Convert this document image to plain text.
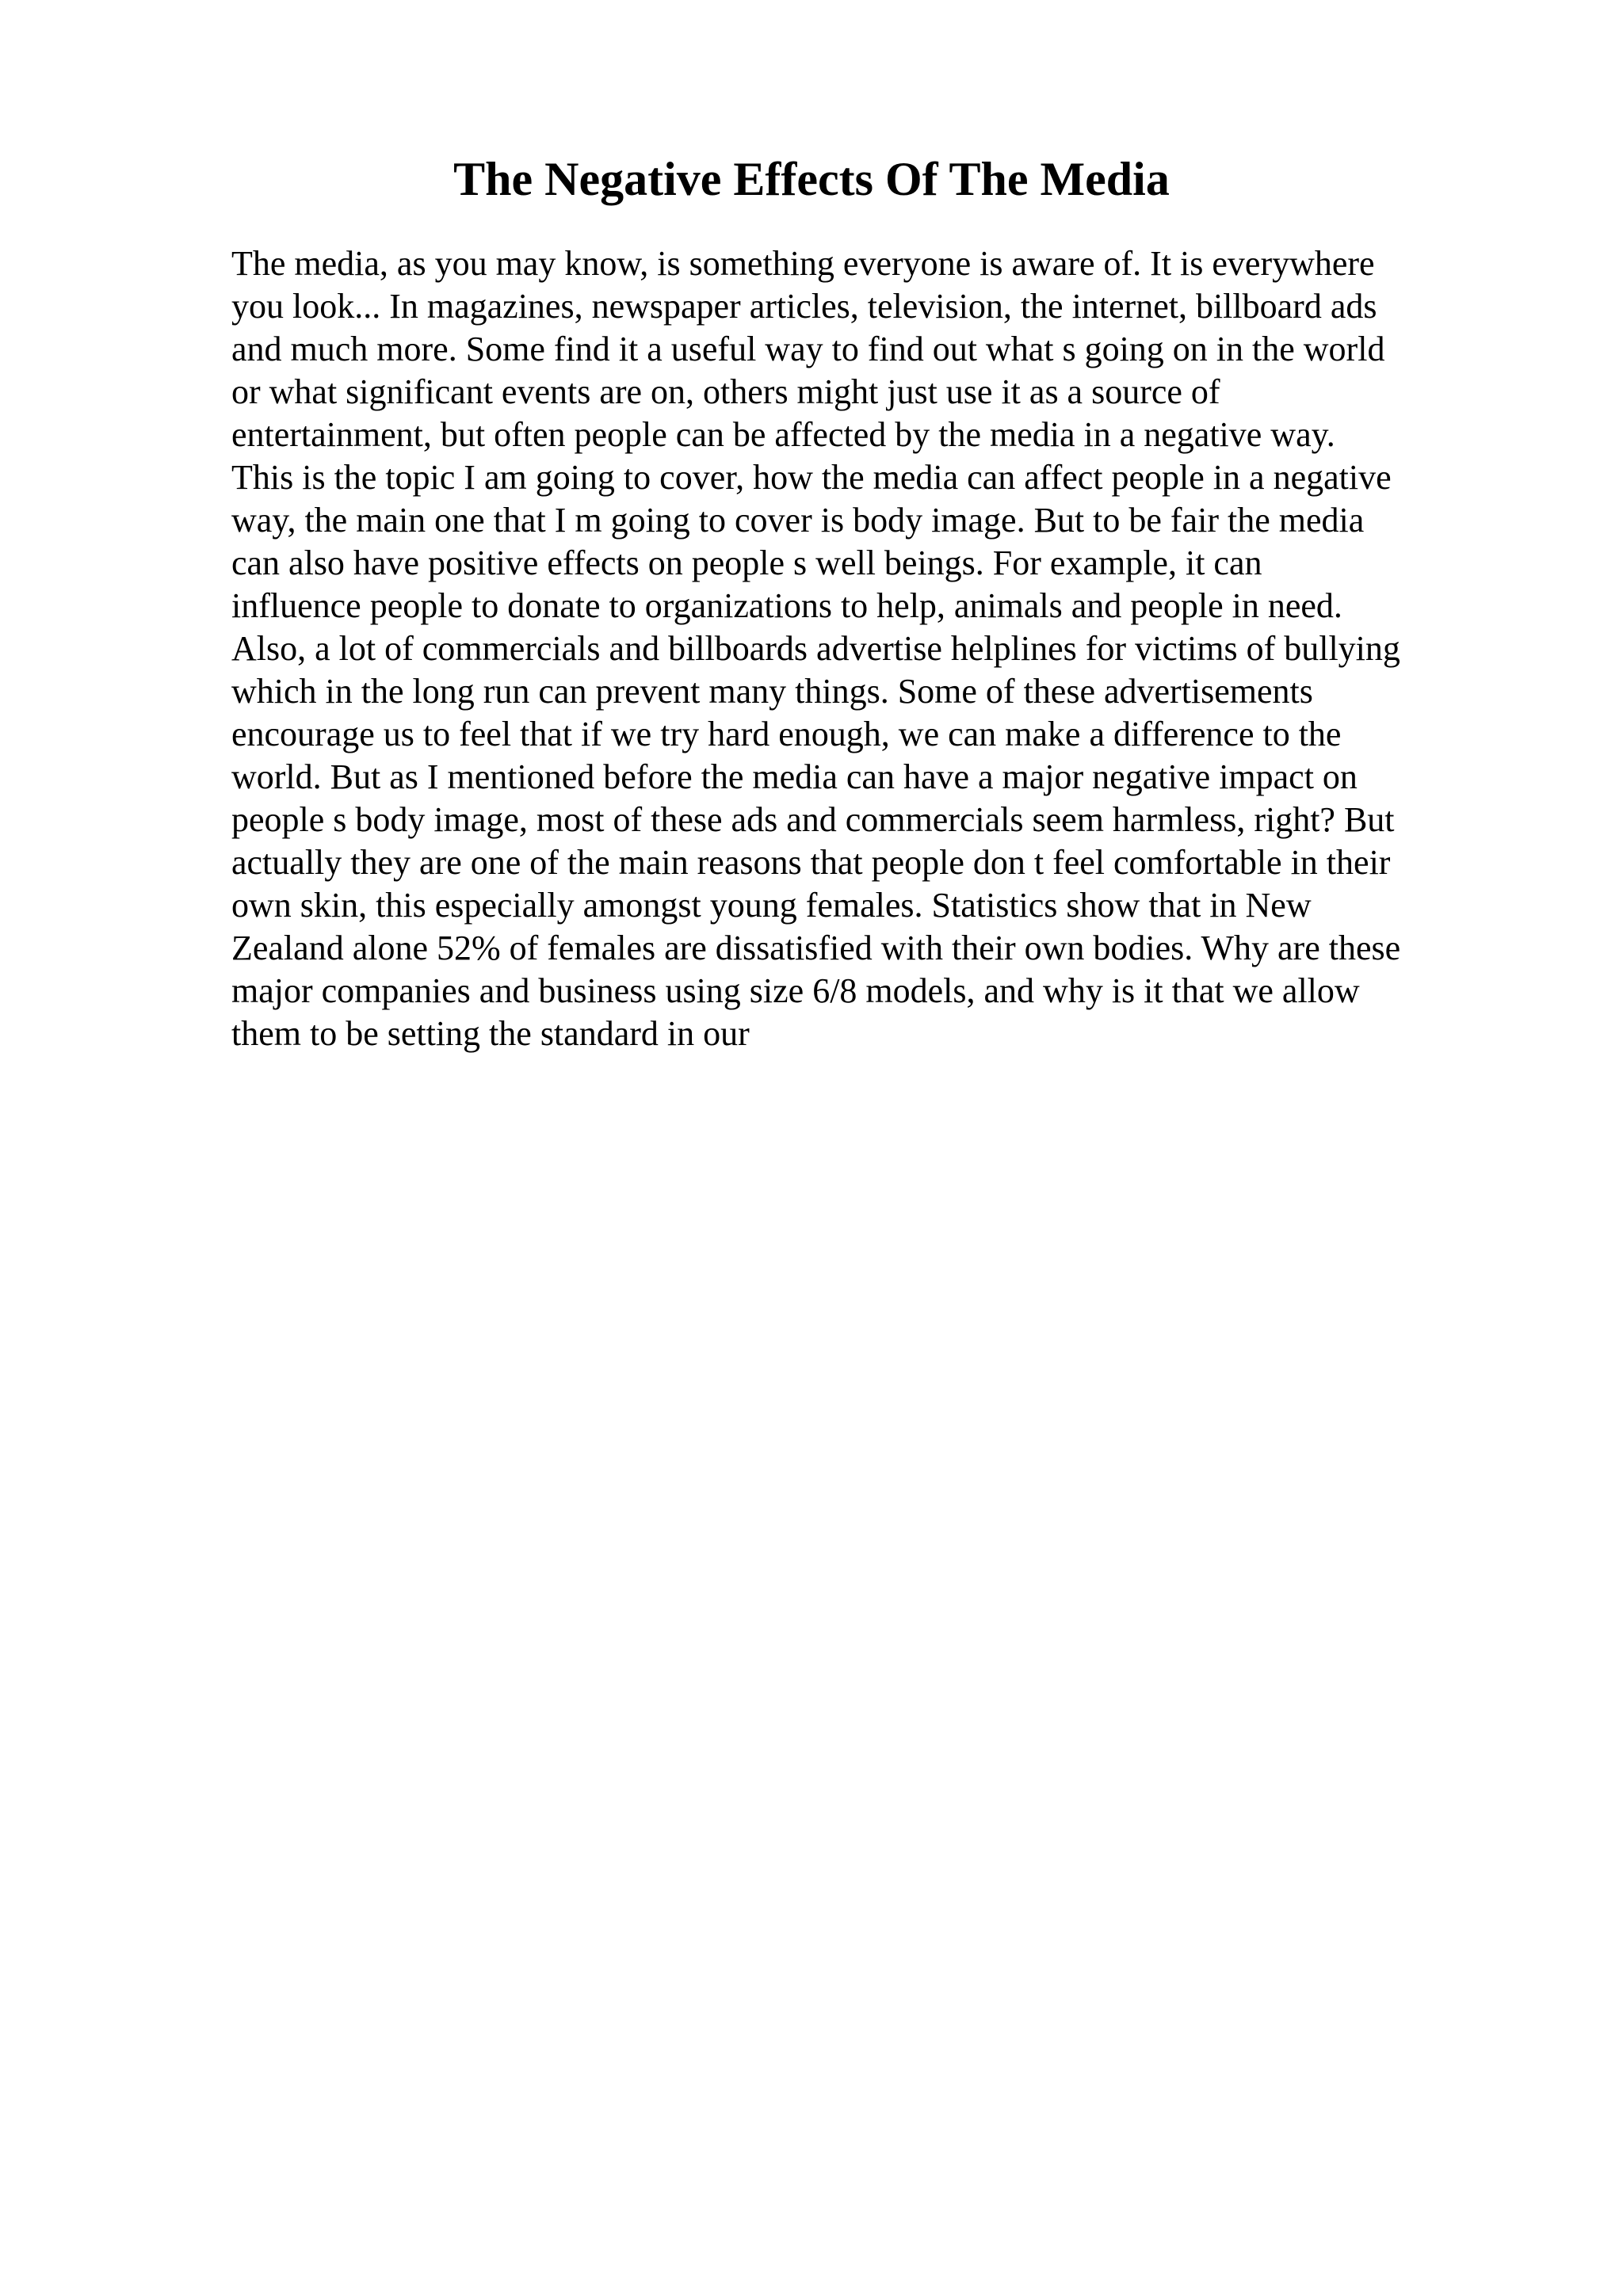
The Negative Effects Of The Media
The media, as you may know, is something everyone is aware of. It is everywhere
you look... In magazines, newspaper articles, television, the internet, billboard ads
and much more. Some find it a useful way to find out what s going on in the world
or what significant events are on, others might just use it as a source of
entertainment, but often people can be affected by the media in a negative way.
This is the topic I am going to cover, how the media can affect people in a negative
way, the main one that I m going to cover is body image. But to be fair the media
can also have positive effects on people s well beings. For example, it can
influence people to donate to organizations to help, animals and people in need.
Also, a lot of commercials and billboards advertise helplines for victims of bullying
which in the long run can prevent many things. Some of these advertisements
encourage us to feel that if we try hard enough, we can make a difference to the
world. But as I mentioned before the media can have a major negative impact on
people s body image, most of these ads and commercials seem harmless, right? But
actually they are one of the main reasons that people don t feel comfortable in their
own skin, this especially amongst young females. Statistics show that in New
Zealand alone 52% of females are dissatisfied with their own bodies. Why are these
major companies and business using size 6/8 models, and why is it that we allow
them to be setting the standard in our
